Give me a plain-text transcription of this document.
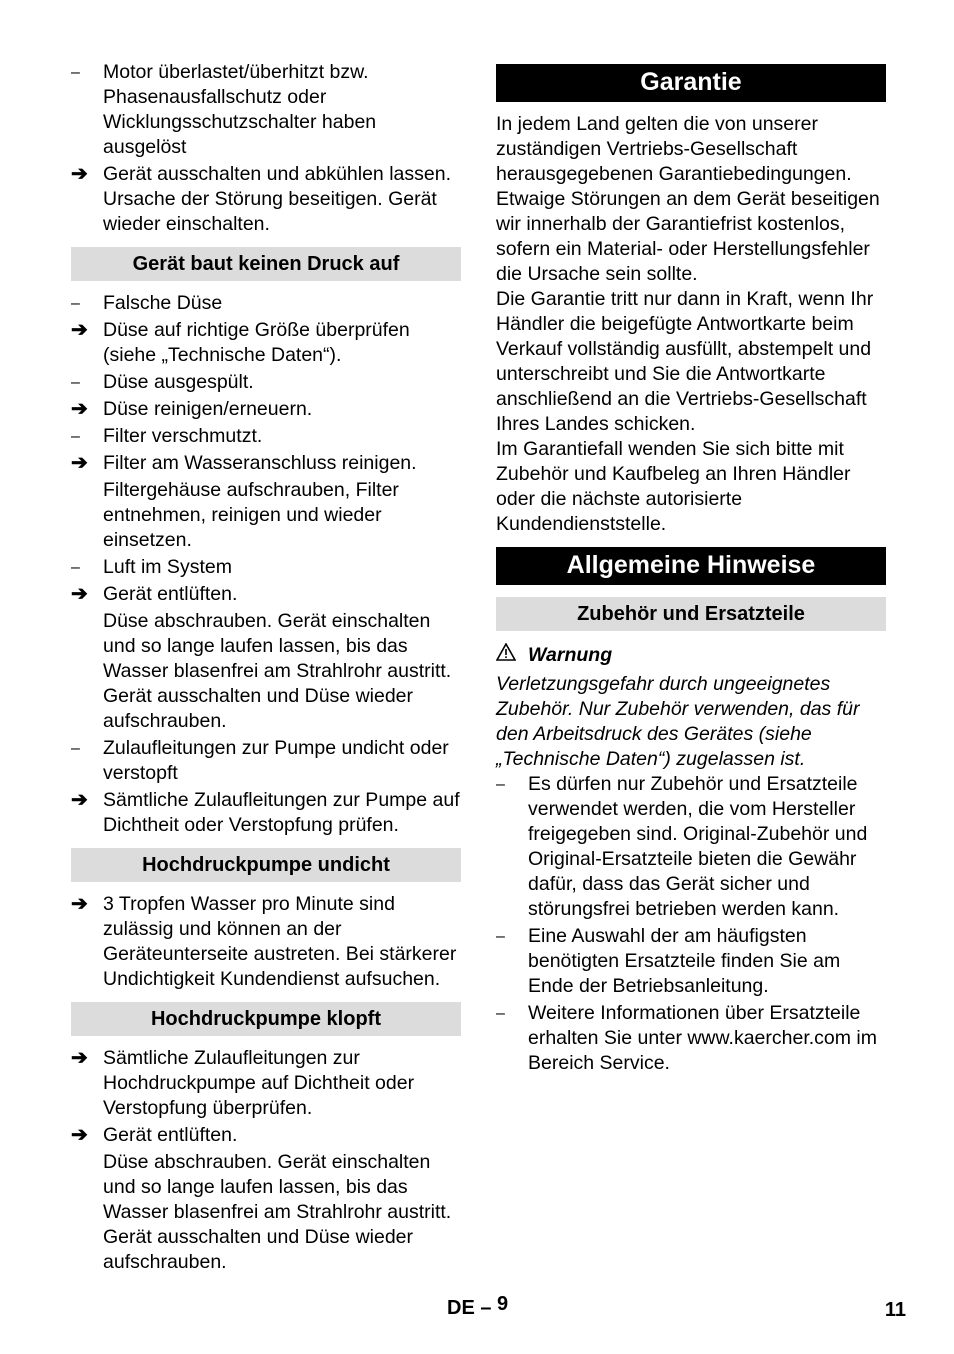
–	Motor überlastet/überhitzt bzw. Phasenausfallschutz oder Wicklungsschutzschalter haben ausgelöst
➔ Gerät ausschalten und abkühlen lassen. Ursache der Störung beseitigen. Gerät wieder einschalten.
Gerät baut keinen Druck auf
–	Falsche Düse
➔ Düse auf richtige Größe überprüfen (siehe „Technische Daten“).
–	Düse ausgespült.
➔ Düse reinigen/erneuern.
–	Filter verschmutzt.
➔ Filter am Wasseranschluss reinigen.
Filtergehäuse aufschrauben, Filter entnehmen, reinigen und wieder einsetzen.
–	Luft im System
➔ Gerät entlüften.
Düse abschrauben. Gerät einschalten und so lange laufen lassen, bis das Wasser blasenfrei am Strahlrohr austritt. Gerät ausschalten und Düse wieder aufschrauben.
–	Zulaufleitungen zur Pumpe undicht oder verstopft
➔ Sämtliche Zulaufleitungen zur Pumpe auf Dichtheit oder Verstopfung prüfen.
Hochdruckpumpe undicht
➔ 3 Tropfen Wasser pro Minute sind zulässig und können an der Geräteunterseite austreten. Bei stärkerer Undichtigkeit Kundendienst aufsuchen.
Hochdruckpumpe klopft
➔ Sämtliche Zulaufleitungen zur Hochdruckpumpe auf Dichtheit oder Verstopfung überprüfen.
➔ Gerät entlüften.
Düse abschrauben. Gerät einschalten und so lange laufen lassen, bis das Wasser blasenfrei am Strahlrohr austritt. Gerät ausschalten und Düse wieder aufschrauben.
Garantie

In jedem Land gelten die von unserer zuständigen Vertriebs-Gesellschaft herausgegebenen Garantiebedingungen. Etwaige Störungen an dem Gerät beseitigen wir innerhalb der Garantiefrist kostenlos, sofern ein Material- oder Herstellungsfehler die Ursache sein sollte.

Die Garantie tritt nur dann in Kraft, wenn Ihr Händler die beigefügte Antwortkarte beim Verkauf vollständig ausfüllt, abstempelt und unterschreibt und Sie die Antwortkarte anschließend an die Vertriebs-Gesellschaft Ihres Landes schicken.

Im Garantiefall wenden Sie sich bitte mit Zubehör und Kaufbeleg an Ihren Händler oder die nächste autorisierte Kundendienststelle.

Allgemeine Hinweise
Zubehör und Ersatzteile
Warnung

Verletzungsgefahr durch ungeeignetes Zubehör. Nur Zubehör verwenden, das für den Arbeitsdruck des Gerätes (siehe „Technische Daten“) zugelassen ist.

–	Es dürfen nur Zubehör und Ersatzteile verwendet werden, die vom Hersteller freigegeben sind. Original-Zubehör und Original-Ersatzteile bieten die Gewähr dafür, dass das Gerät sicher und störungsfrei betrieben werden kann.
–	Eine Auswahl der am häufigsten benötigten Ersatzteile finden Sie am Ende der Betriebsanleitung.
–	Weitere Informationen über Ersatzteile erhalten Sie unter www.kaercher.com im Bereich Service.
DE – 9	11
